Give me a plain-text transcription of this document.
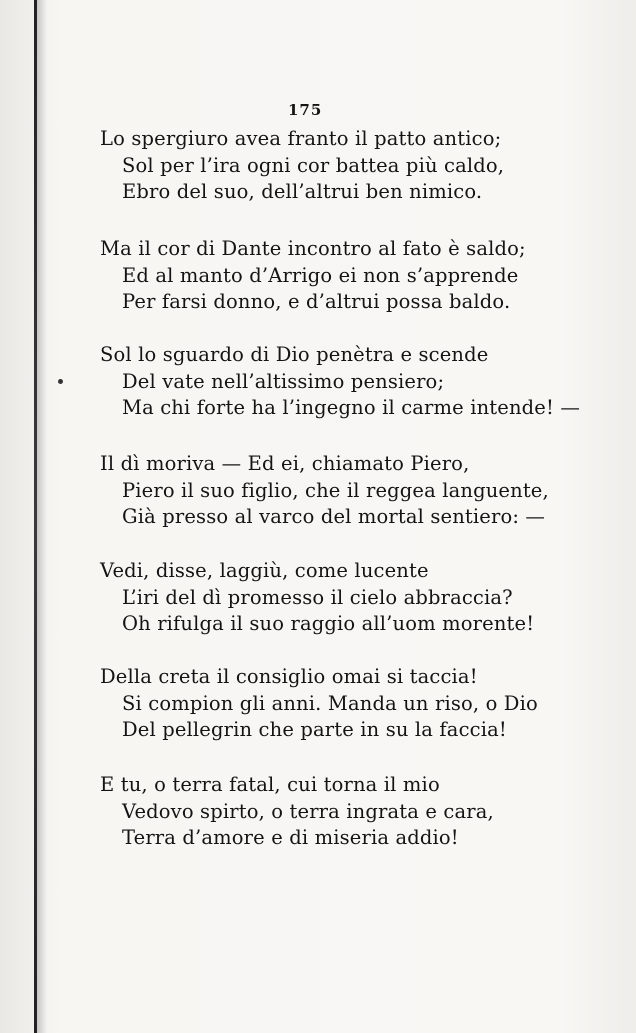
175
Lo spergiuro avea franto il patto antico;
Sol per l’ira ogni cor battea più caldo,
Ebro del suo, dell’altrui ben nimico.
Ma il cor di Dante incontro al fato è saldo;
Ed al manto d’Arrigo ei non s’apprende
Per farsi donno, e d’altrui possa baldo.
Sol lo sguardo di Dio penètra e scende
Del vate nell’altissimo pensiero;
Ma chi forte ha l’ingegno il carme intende! —
Il dì moriva — Ed ei, chiamato Piero,
Piero il suo figlio, che il reggea languente,
Già presso al varco del mortal sentiero: —
Vedi, disse, laggiù, come lucente
L’iri del dì promesso il cielo abbraccia?
Oh rifulga il suo raggio all’uom morente!
Della creta il consiglio omai si taccia!
Si compion gli anni. Manda un riso, o Dio
Del pellegrin che parte in su la faccia!
E tu, o terra fatal, cui torna il mio
Vedovo spirto, o terra ingrata e cara,
Terra d’amore e di miseria addio!
